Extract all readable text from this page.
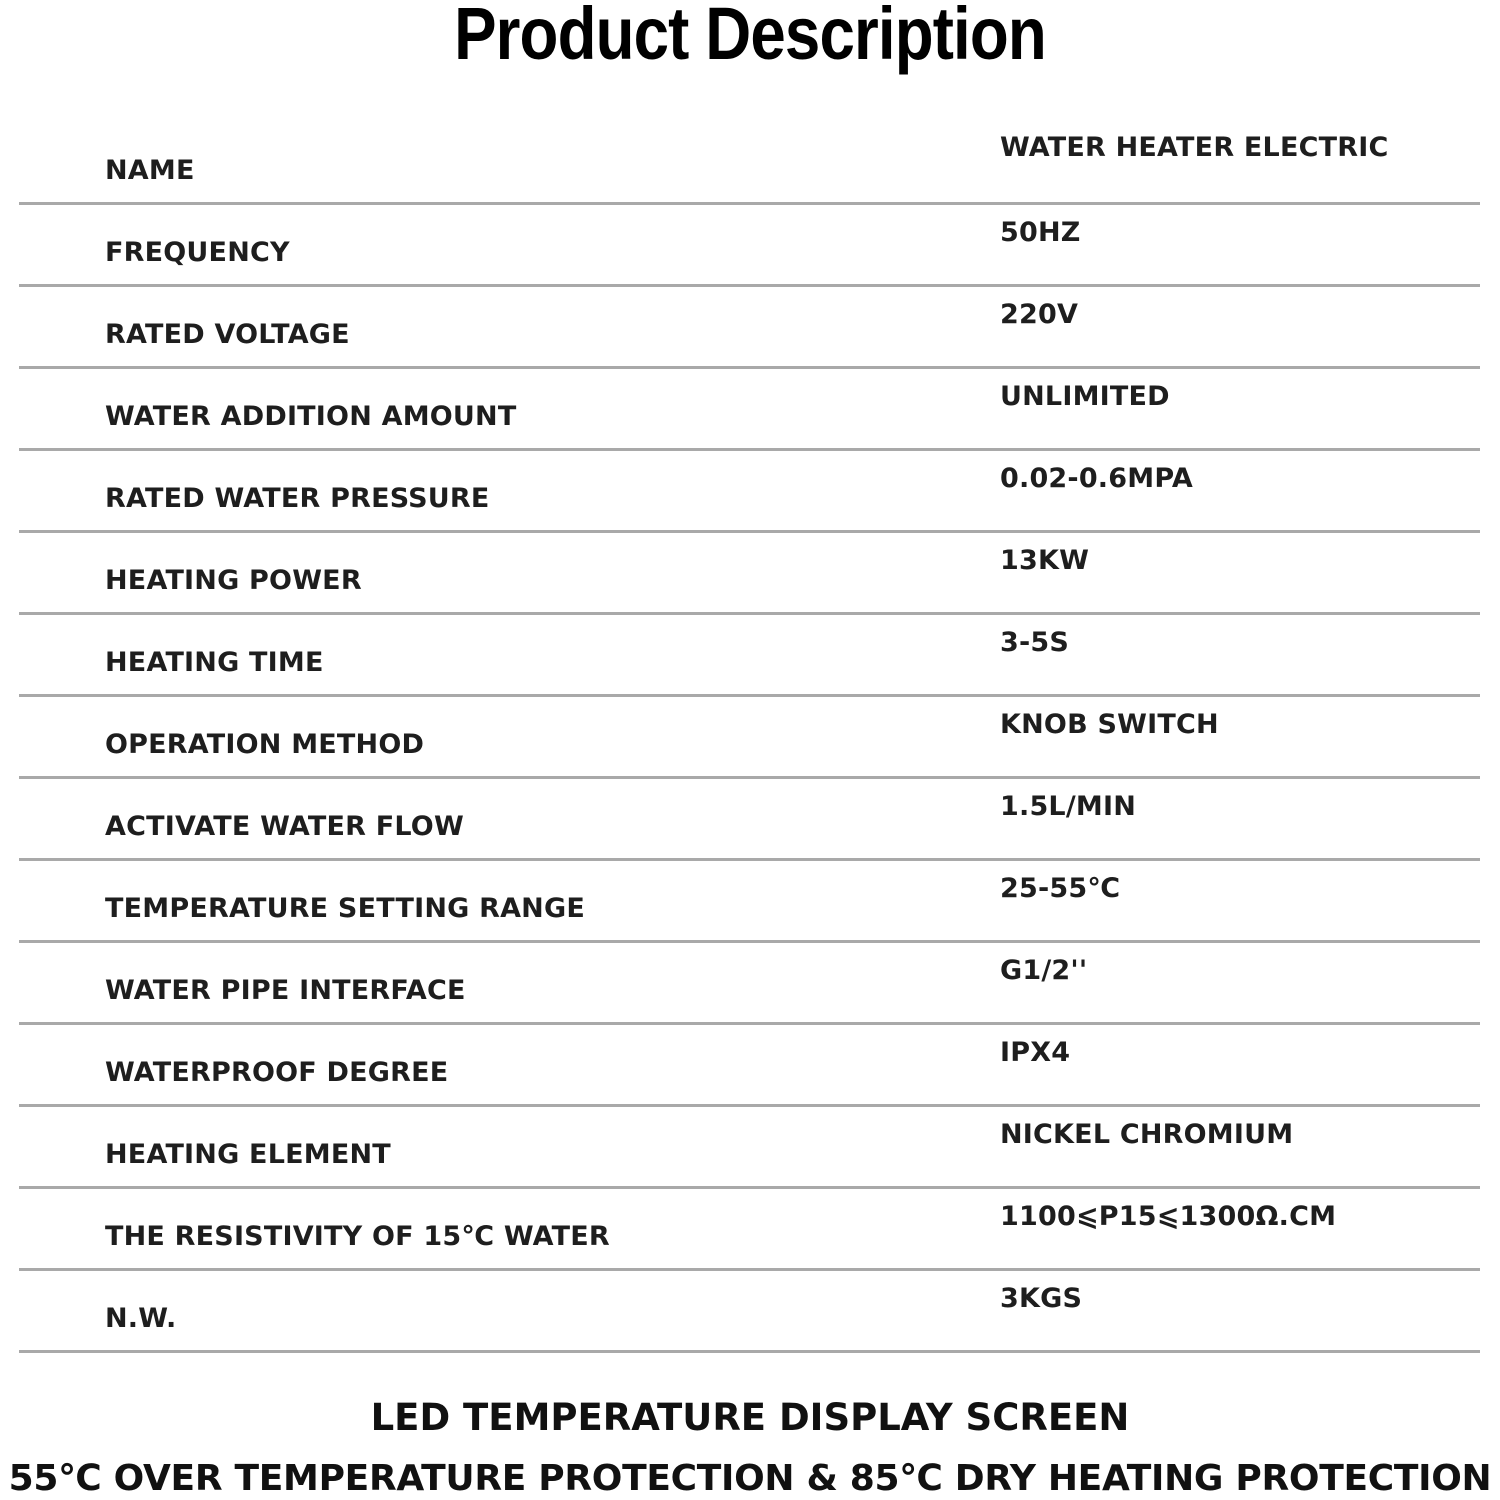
Product Description
NAME
WATER HEATER ELECTRIC
FREQUENCY
50HZ
RATED VOLTAGE
220V
WATER ADDITION AMOUNT
UNLIMITED
RATED WATER PRESSURE
0.02-0.6MPA
HEATING POWER
13KW
HEATING TIME
3-5S
OPERATION METHOD
KNOB SWITCH
ACTIVATE WATER FLOW
1.5L/MIN
TEMPERATURE SETTING RANGE
25-55℃
WATER PIPE INTERFACE
G1/2''
WATERPROOF DEGREE
IPX4
HEATING ELEMENT
NICKEL CHROMIUM
THE RESISTIVITY OF 15℃ WATER
1100⩽P15⩽1300Ω.CM
N.W.
3KGS
LED TEMPERATURE DISPLAY SCREEN
55℃ OVER TEMPERATURE PROTECTION & 85℃ DRY HEATING PROTECTION
